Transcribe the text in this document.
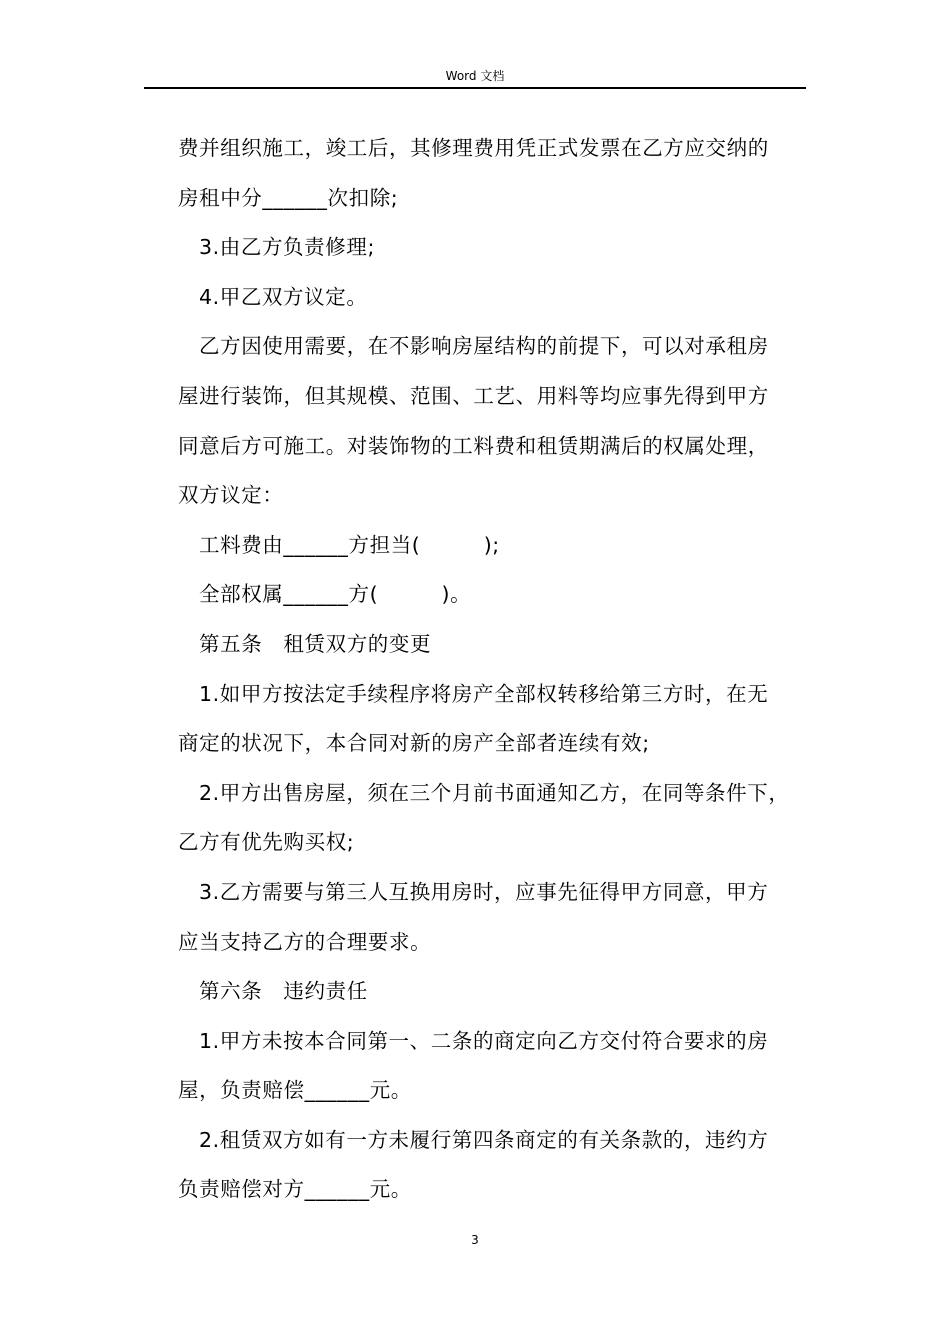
Word 文档
费并组织施工，竣工后，其修理费用凭正式发票在乙方应交纳的
房租中分______次扣除;
3.由乙方负责修理;
4.甲乙双方议定。
乙方因使用需要，在不影响房屋结构的前提下，可以对承租房
屋进行装饰，但其规模、范围、工艺、用料等均应事先得到甲方
同意后方可施工。对装饰物的工料费和租赁期满后的权属处理，
双方议定：
工料费由______方担当(　　　);
全部权属______方(　　　)。
第五条　租赁双方的变更
1.如甲方按法定手续程序将房产全部权转移给第三方时，在无
商定的状况下，本合同对新的房产全部者连续有效;
2.甲方出售房屋，须在三个月前书面通知乙方，在同等条件下，
乙方有优先购买权;
3.乙方需要与第三人互换用房时，应事先征得甲方同意，甲方
应当支持乙方的合理要求。
第六条　违约责任
1.甲方未按本合同第一、二条的商定向乙方交付符合要求的房
屋，负责赔偿______元。
2.租赁双方如有一方未履行第四条商定的有关条款的，违约方
负责赔偿对方______元。
3
